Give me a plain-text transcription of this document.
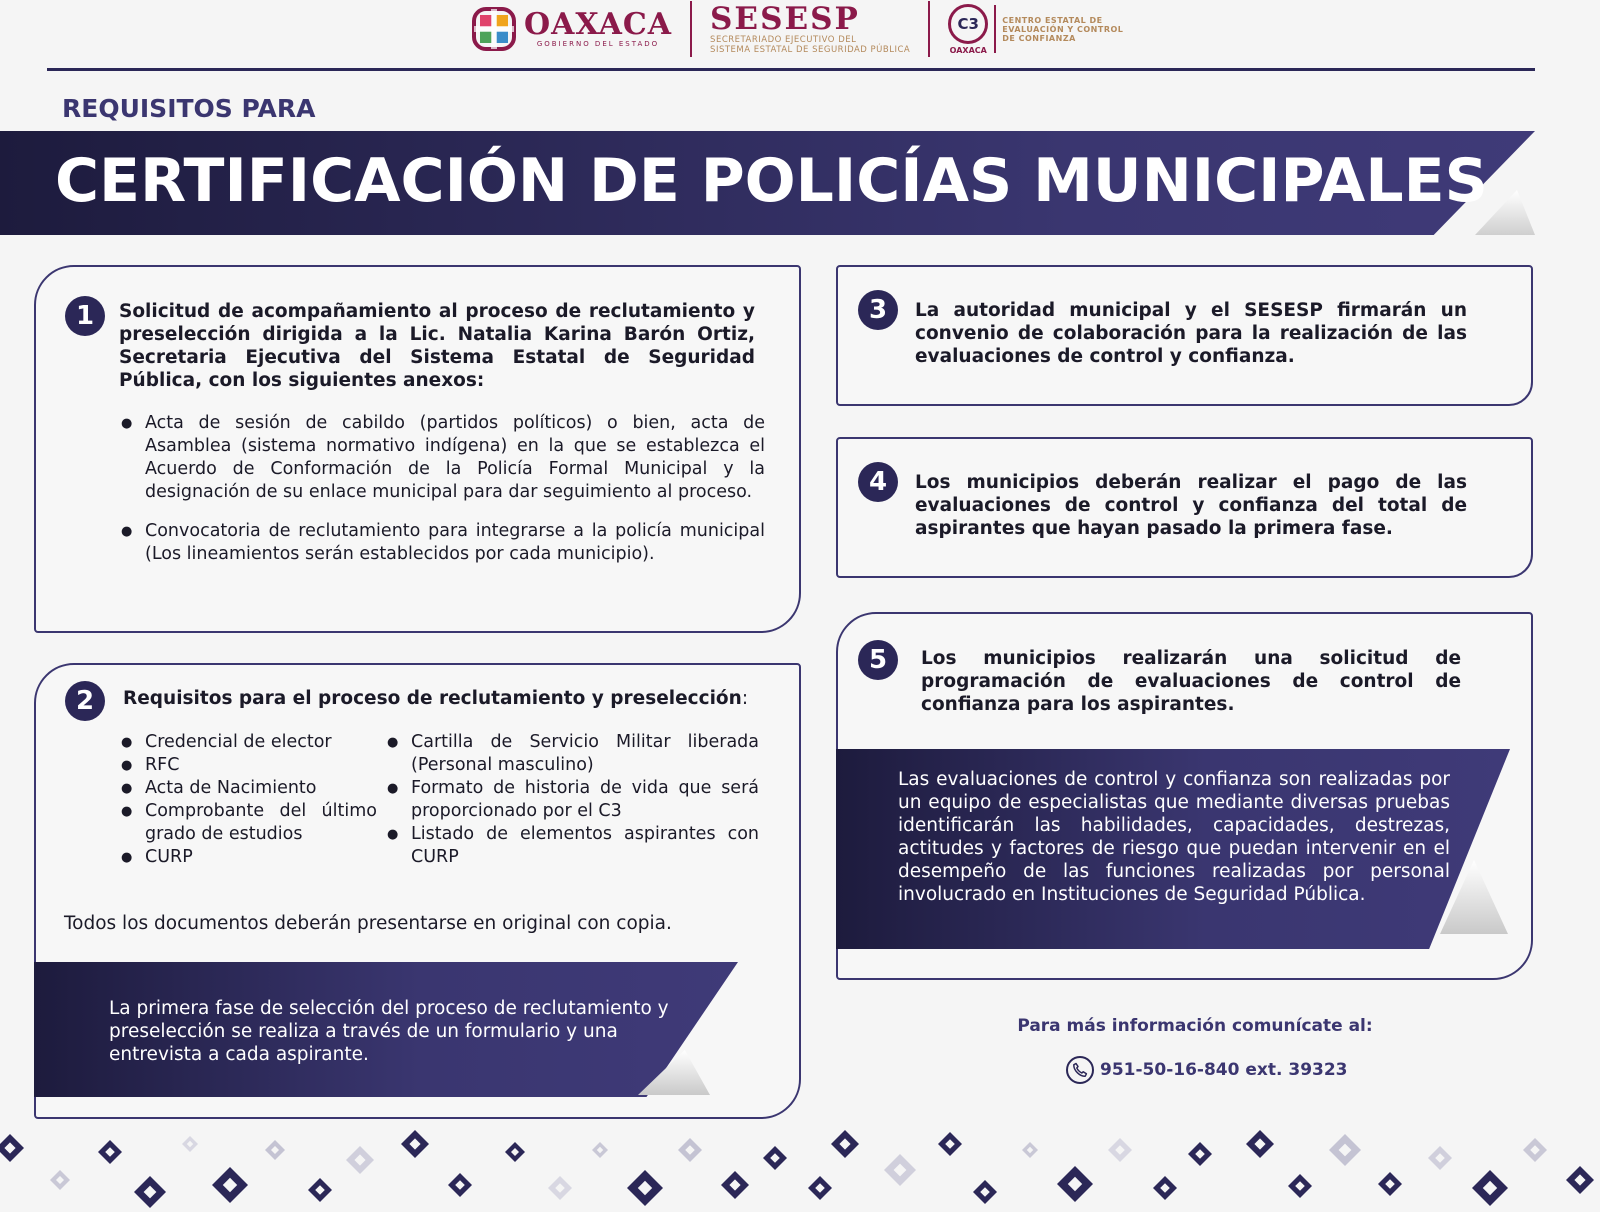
OAXACA
GOBIERNO DEL ESTADO
SESESP
SECRETARIADO EJECUTIVO DEL
SISTEMA ESTATAL DE SEGURIDAD PÚBLICA
C3
OAXACA
CENTRO ESTATAL DE
EVALUACIÓN Y CONTROL
DE CONFIANZA
REQUISITOS PARA
CERTIFICACIÓN DE POLICÍAS MUNICIPALES
1	Solicitud de acompañamiento al proceso de reclutamiento y preselección dirigida a la Lic. Natalia Karina Barón Ortiz, Secretaria Ejecutiva del Sistema Estatal de Seguridad Pública, con los siguientes anexos:
● Acta de sesión de cabildo (partidos políticos) o bien, acta de Asamblea (sistema normativo indígena) en la que se establezca el Acuerdo de Conformación de la Policía Formal Municipal y la designación de su enlace municipal para dar seguimiento al proceso.
● Convocatoria de reclutamiento para integrarse a la policía municipal (Los lineamientos serán establecidos por cada municipio).
2	Requisitos para el proceso de reclutamiento y preselección:
● Credencial de elector
● RFC
● Acta de Nacimiento
● Comprobante del último grado de estudios
● CURP
● Cartilla de Servicio Militar liberada (Personal masculino)
● Formato de historia de vida que será proporcionado por el C3
● Listado de elementos aspirantes con CURP
Todos los documentos deberán presentarse en original con copia.
La primera fase de selección del proceso de reclutamiento y preselección se realiza a través de un formulario y una entrevista a cada aspirante.
3	La autoridad municipal y el SESESP firmarán un convenio de colaboración para la realización de las evaluaciones de control y confianza.
4	Los municipios deberán realizar el pago de las evaluaciones de control y confianza del total de aspirantes que hayan pasado la primera fase.
5	Los municipios realizarán una solicitud de programación de evaluaciones de control de confianza para los aspirantes.
Las evaluaciones de control y confianza son realizadas por un equipo de especialistas que mediante diversas pruebas identificarán las habilidades, capacidades, destrezas, actitudes y factores de riesgo que puedan intervenir en el desempeño de las funciones realizadas por personal involucrado en Instituciones de Seguridad Pública.
Para más información comunícate al:
951-50-16-840 ext. 39323
